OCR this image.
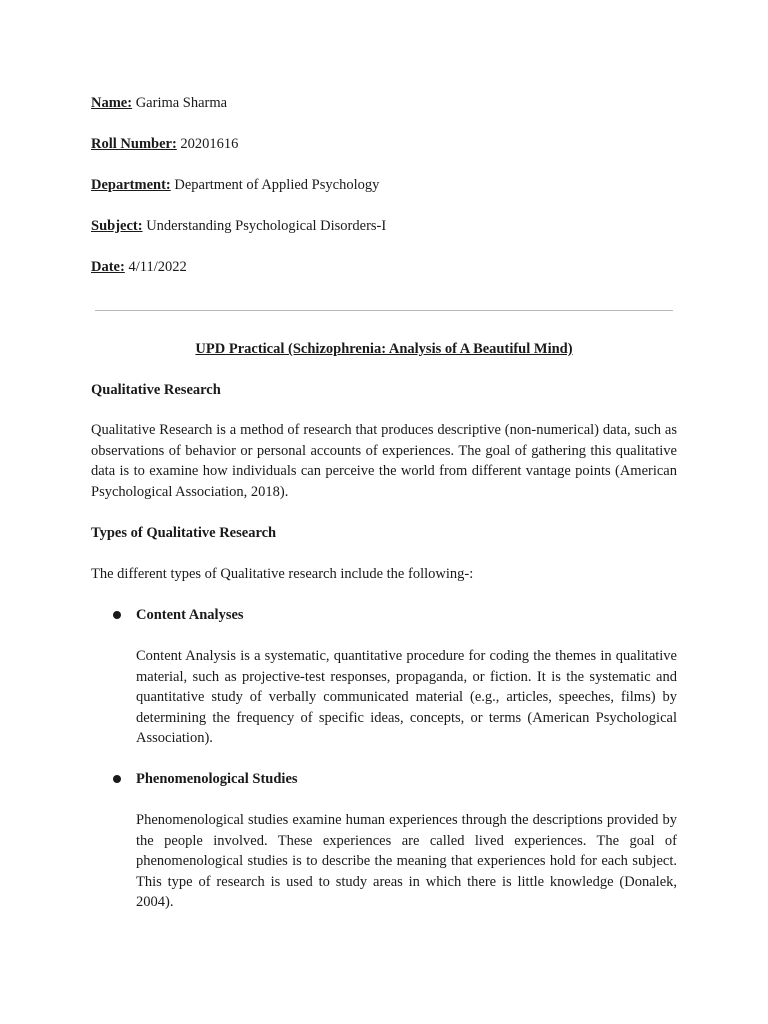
Name: Garima Sharma
Roll Number: 20201616
Department: Department of Applied Psychology
Subject: Understanding Psychological Disorders-I
Date: 4/11/2022
UPD Practical (Schizophrenia: Analysis of A Beautiful Mind)
Qualitative Research
Qualitative Research is a method of research that produces descriptive (non-numerical) data, such as observations of behavior or personal accounts of experiences. The goal of gathering this qualitative data is to examine how individuals can perceive the world from different vantage points (American Psychological Association, 2018).
Types of Qualitative Research
The different types of Qualitative research include the following-:
Content Analyses
Content Analysis is a systematic, quantitative procedure for coding the themes in qualitative material, such as projective-test responses, propaganda, or fiction. It is the systematic and quantitative study of verbally communicated material (e.g., articles, speeches, films) by determining the frequency of specific ideas, concepts, or terms (American Psychological Association).
Phenomenological Studies
Phenomenological studies examine human experiences through the descriptions provided by the people involved. These experiences are called lived experiences. The goal of phenomenological studies is to describe the meaning that experiences hold for each subject. This type of research is used to study areas in which there is little knowledge (Donalek, 2004).
